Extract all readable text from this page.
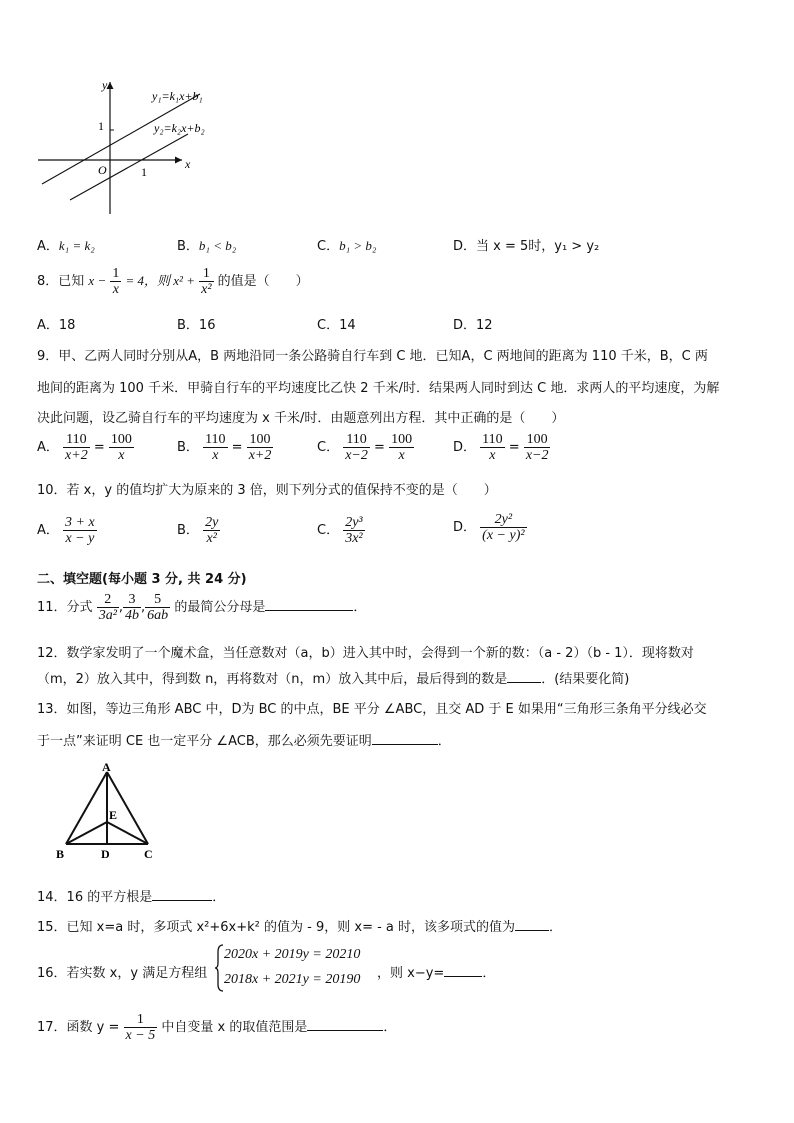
y
x
O
1
1
y₁=k₁x+b₁
y₂=k₂x+b₂
A．k₁ = k₂	B．b₁ < b₂	C．b₁ > b₂	D．当 x = 5时，y₁ > y₂
8．已知 $x - \frac{1}{x} = 4$，则 $x^2 + \frac{1}{\text{x²}}$ 的值是（　　）
A．18	B．16	C．14	D．12
9．甲、乙两人同时分别从A，B 两地沿同一条公路骑自行车到 C 地．已知A，C 两地间的距离为 110 千米，B，C 两
地间的距离为 100 千米．甲骑自行车的平均速度比乙快 2 千米/时．结果两人同时到达 C 地．求两人的平均速度，为解
决此问题，设乙骑自行车的平均速度为 x 千米/时．由题意列出方程．其中正确的是（　　）
A． $\frac{110}{x+2} = \frac{100}{x}$	B． $\frac{110}{x} = \frac{100}{x+2}$	C． $\frac{110}{x-2} = \frac{100}{x}$	D． $\frac{110}{x} = \frac{100}{x-2}$
10．若 x，y 的值均扩大为原来的 3 倍，则下列分式的值保持不变的是（　　）
A． $\frac{3 + x}{x - y}$	B． $\frac{2y}{\text{x²}}$	C． $\frac{\text{2y³}}{\text{3x²}}$	D． $\frac{\text{2y²}}{\text{(x − y)²}}$
二、填空题(每小题 3 分, 共 24 分)
11．分式 $\frac{2}{\text{3a²}}$ , $\frac{3}{4b}$ , $\frac{5}{6ab}$ 的最简公分母是	．
12．数学家发明了一个魔术盒，当任意数对（a，b）进入其中时，会得到一个新的数：（a - 2）（b - 1）．现将数对
（m，2）放入其中，得到数 n，再将数对（n，m）放入其中后，最后得到的数是	．(结果要化简)
13．如图，等边三角形 ABC 中，D为 BC 的中点，BE 平分 ∠ABC，且交 AD 于 E 如果用“三角形三条角平分线必交
于一点”来证明 CE 也一定平分 ∠ACB，那么必须先要证明	．
A
E
B	D	C
14．16 的平方根是	．
15．已知 x=a 时，多项式 x²+6x+k² 的值为 - 9，则 x= - a 时，该多项式的值为	．
16．若实数 x，y 满足方程组
2020x + 2019y = 20210
2018x + 2021y = 20190 ，则 x−y=	．
17．函数 $y = \frac{1}{x - 5}$ 中自变量 x 的取值范围是	．
